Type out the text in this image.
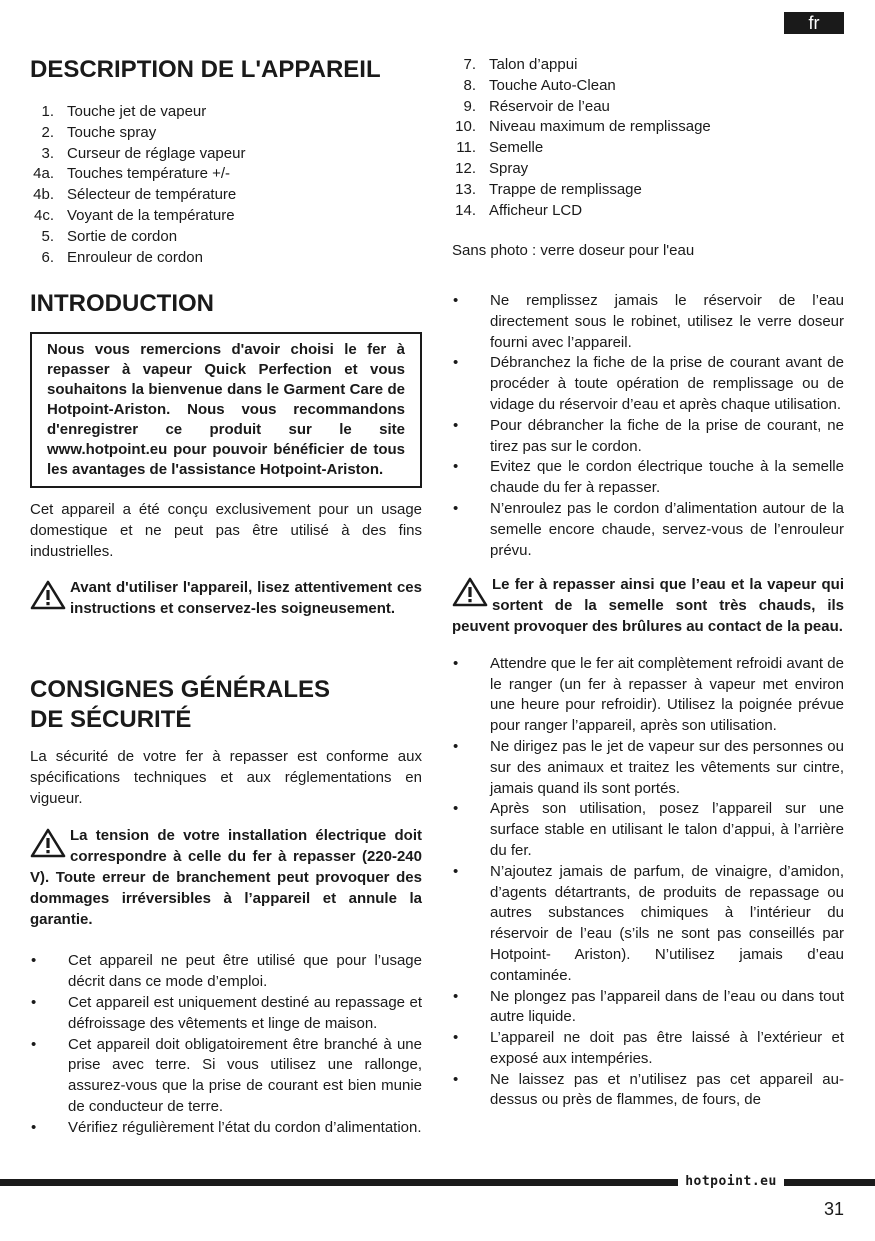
fr
DESCRIPTION DE L'APPAREIL
1. Touche jet de vapeur
2. Touche spray
3. Curseur de réglage vapeur
4a. Touches température +/-
4b. Sélecteur de température
4c. Voyant de la température
5. Sortie de cordon
6. Enrouleur de cordon
INTRODUCTION
Nous vous remercions d'avoir choisi le fer à repasser à vapeur Quick Perfection et vous souhaitons la bienvenue dans le Garment Care de Hotpoint-Ariston. Nous vous recommandons d'enregistrer ce produit sur le site www.hotpoint.eu pour pouvoir bénéficier de tous les avantages de l'assistance Hotpoint-Ariston.

Cet appareil a été conçu exclusivement pour un usage domestique et ne peut pas être utilisé à des fins industrielles.

Avant d'utiliser l'appareil, lisez attentivement ces instructions et conservez-les soigneusement.

CONSIGNES GÉNÉRALES
DE SÉCURITÉ

La sécurité de votre fer à repasser est conforme aux spécifications techniques et aux réglementations en vigueur.

La tension de votre installation électrique doit correspondre à celle du fer à repasser (220-240 V). Toute erreur de branchement peut provoquer des dommages irréversibles à l’appareil et annule la garantie.

•	Cet appareil ne peut être utilisé que pour l’usage décrit dans ce mode d’emploi.
•	Cet appareil est uniquement destiné au repassage et défroissage des vêtements et linge de maison.
•	Cet appareil doit obligatoirement être branché à une prise avec terre. Si vous utilisez une rallonge, assurez-vous que la prise de courant est bien munie de conducteur de terre.
•	Vérifiez régulièrement l’état du cordon d’alimentation.
7. Talon d’appui
8. Touche Auto-Clean
9. Réservoir de l’eau
10. Niveau maximum de remplissage
11. Semelle
12. Spray
13. Trappe de remplissage
14. Afficheur LCD

Sans photo : verre doseur pour l'eau

•	Ne remplissez jamais le réservoir de l’eau directement sous le robinet, utilisez le verre doseur fourni avec l’appareil.
•	Débranchez la fiche de la prise de courant avant de procéder à toute opération de remplissage ou de vidage du réservoir d’eau et après chaque utilisation.
•	Pour débrancher la fiche de la prise de courant, ne tirez pas sur le cordon.
•	Evitez que le cordon électrique touche à la semelle chaude du fer à repasser.
•	N’enroulez pas le cordon d’alimentation autour de la semelle encore chaude, servez-vous de l’enrouleur prévu.

Le fer à repasser ainsi que l’eau et la vapeur qui sortent de la semelle sont très chauds, ils peuvent provoquer des brûlures au contact de la peau.

•	Attendre que le fer ait complètement refroidi avant de le ranger (un fer à repasser à vapeur met environ une heure pour refroidir). Utilisez la poignée prévue pour ranger l’appareil, après son utilisation.
•	Ne dirigez pas le jet de vapeur sur des personnes ou sur des animaux et traitez les vêtements sur cintre, jamais quand ils sont portés.
•	Après son utilisation, posez l’appareil sur une surface stable en utilisant le talon d’appui, à l’arrière du fer.
•	N’ajoutez jamais de parfum, de vinaigre, d’amidon, d’agents détartrants, de produits de repassage ou autres substances chimiques à l’intérieur du réservoir de l’eau (s’ils ne sont pas conseillés par Hotpoint- Ariston). N’utilisez jamais d’eau contaminée.
•	Ne plongez pas l’appareil dans de l’eau ou dans tout autre liquide.
•	L’appareil ne doit pas être laissé à l’extérieur et exposé aux intempéries.
•	Ne laissez pas et n’utilisez pas cet appareil au-dessus ou près de flammes, de fours, de
hotpoint.eu
31
